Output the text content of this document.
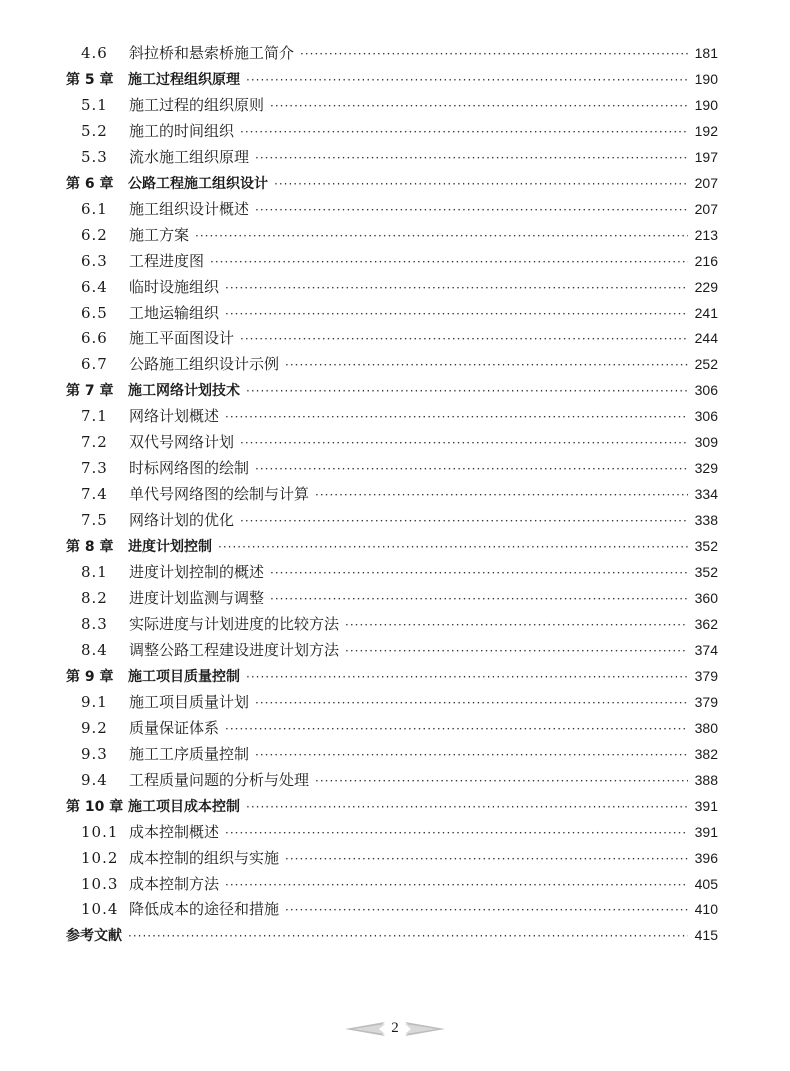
4.6	斜拉桥和悬索桥施工简介 ·····	181
第 5 章	施工过程组织原理 ·····	190
5.1	施工过程的组织原则 ·····	190
5.2	施工的时间组织 ·····	192
5.3	流水施工组织原理 ·····	197
第 6 章	公路工程施工组织设计 ·····	207
6.1	施工组织设计概述 ·····	207
6.2	施工方案 ·····	213
6.3	工程进度图 ·····	216
6.4	临时设施组织 ·····	229
6.5	工地运输组织 ·····	241
6.6	施工平面图设计 ·····	244
6.7	公路施工组织设计示例 ·····	252
第 7 章	施工网络计划技术 ·····	306
7.1	网络计划概述 ·····	306
7.2	双代号网络计划 ·····	309
7.3	时标网络图的绘制 ·····	329
7.4	单代号网络图的绘制与计算 ·····	334
7.5	网络计划的优化 ·····	338
第 8 章	进度计划控制 ·····	352
8.1	进度计划控制的概述 ·····	352
8.2	进度计划监测与调整 ·····	360
8.3	实际进度与计划进度的比较方法 ·····	362
8.4	调整公路工程建设进度计划方法 ·····	374
第 9 章	施工项目质量控制 ·····	379
9.1	施工项目质量计划 ·····	379
9.2	质量保证体系 ·····	380
9.3	施工工序质量控制 ·····	382
9.4	工程质量问题的分析与处理 ·····	388
第 10 章 施工项目成本控制 ·····	391
10.1 成本控制概述 ·····	391
10.2 成本控制的组织与实施 ·····	396
10.3 成本控制方法 ·····	405
10.4 降低成本的途径和措施 ·····	410
参考文献 ·····	415
2
